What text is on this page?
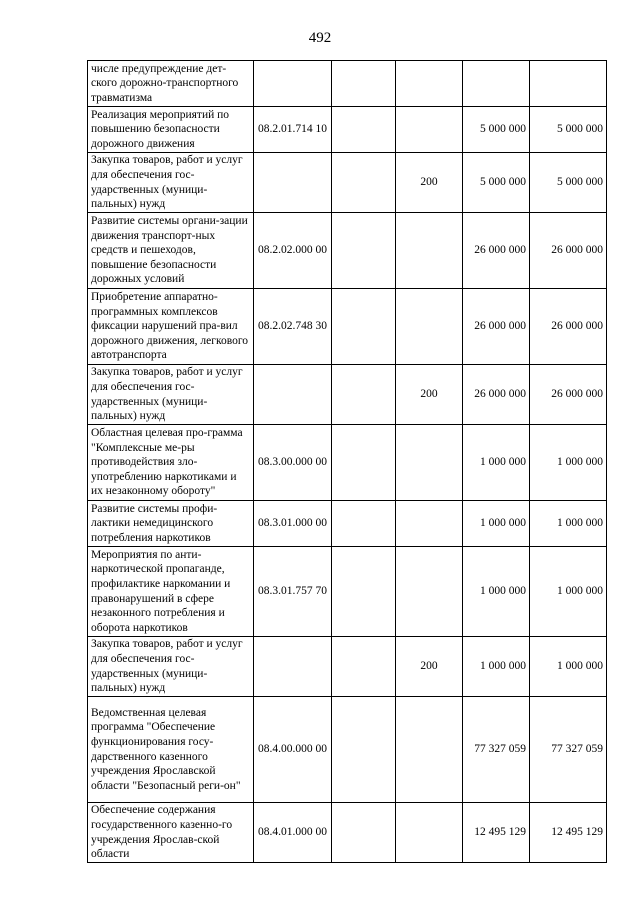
492
числе предупреждение дет-ского дорожно-транспортного травматизма					
Реализация мероприятий по повышению безопасности дорожного движения	08.2.01.714 10			5 000 000	5 000 000
Закупка товаров, работ и услуг для обеспечения гос-ударственных (муници-пальных) нужд			200	5 000 000	5 000 000
Развитие системы органи-зации движения транспорт-ных средств и пешеходов, повышение безопасности дорожных условий	08.2.02.000 00			26 000 000	26 000 000
Приобретение аппаратно-программных комплексов фиксации нарушений пра-вил дорожного движения, легкового автотранспорта	08.2.02.748 30			26 000 000	26 000 000
Закупка товаров, работ и услуг для обеспечения гос-ударственных (муници-пальных) нужд			200	26 000 000	26 000 000
Областная целевая про-грамма "Комплексные ме-ры противодействия зло-употреблению наркотиками и их незаконному обороту"	08.3.00.000 00			1 000 000	1 000 000
Развитие системы профи-лактики немедицинского потребления наркотиков	08.3.01.000 00			1 000 000	1 000 000
Мероприятия по анти-наркотической пропаганде, профилактике наркомании и правонарушений в сфере незаконного потребления и оборота наркотиков	08.3.01.757 70			1 000 000	1 000 000
Закупка товаров, работ и услуг для обеспечения гос-ударственных (муници-пальных) нужд			200	1 000 000	1 000 000
Ведомственная целевая программа "Обеспечение функционирования госу-дарственного казенного учреждения Ярославской области "Безопасный реги-он"	08.4.00.000 00			77 327 059	77 327 059
Обеспечение содержания государственного казенно-го учреждения Ярослав-ской области	08.4.01.000 00			12 495 129	12 495 129
